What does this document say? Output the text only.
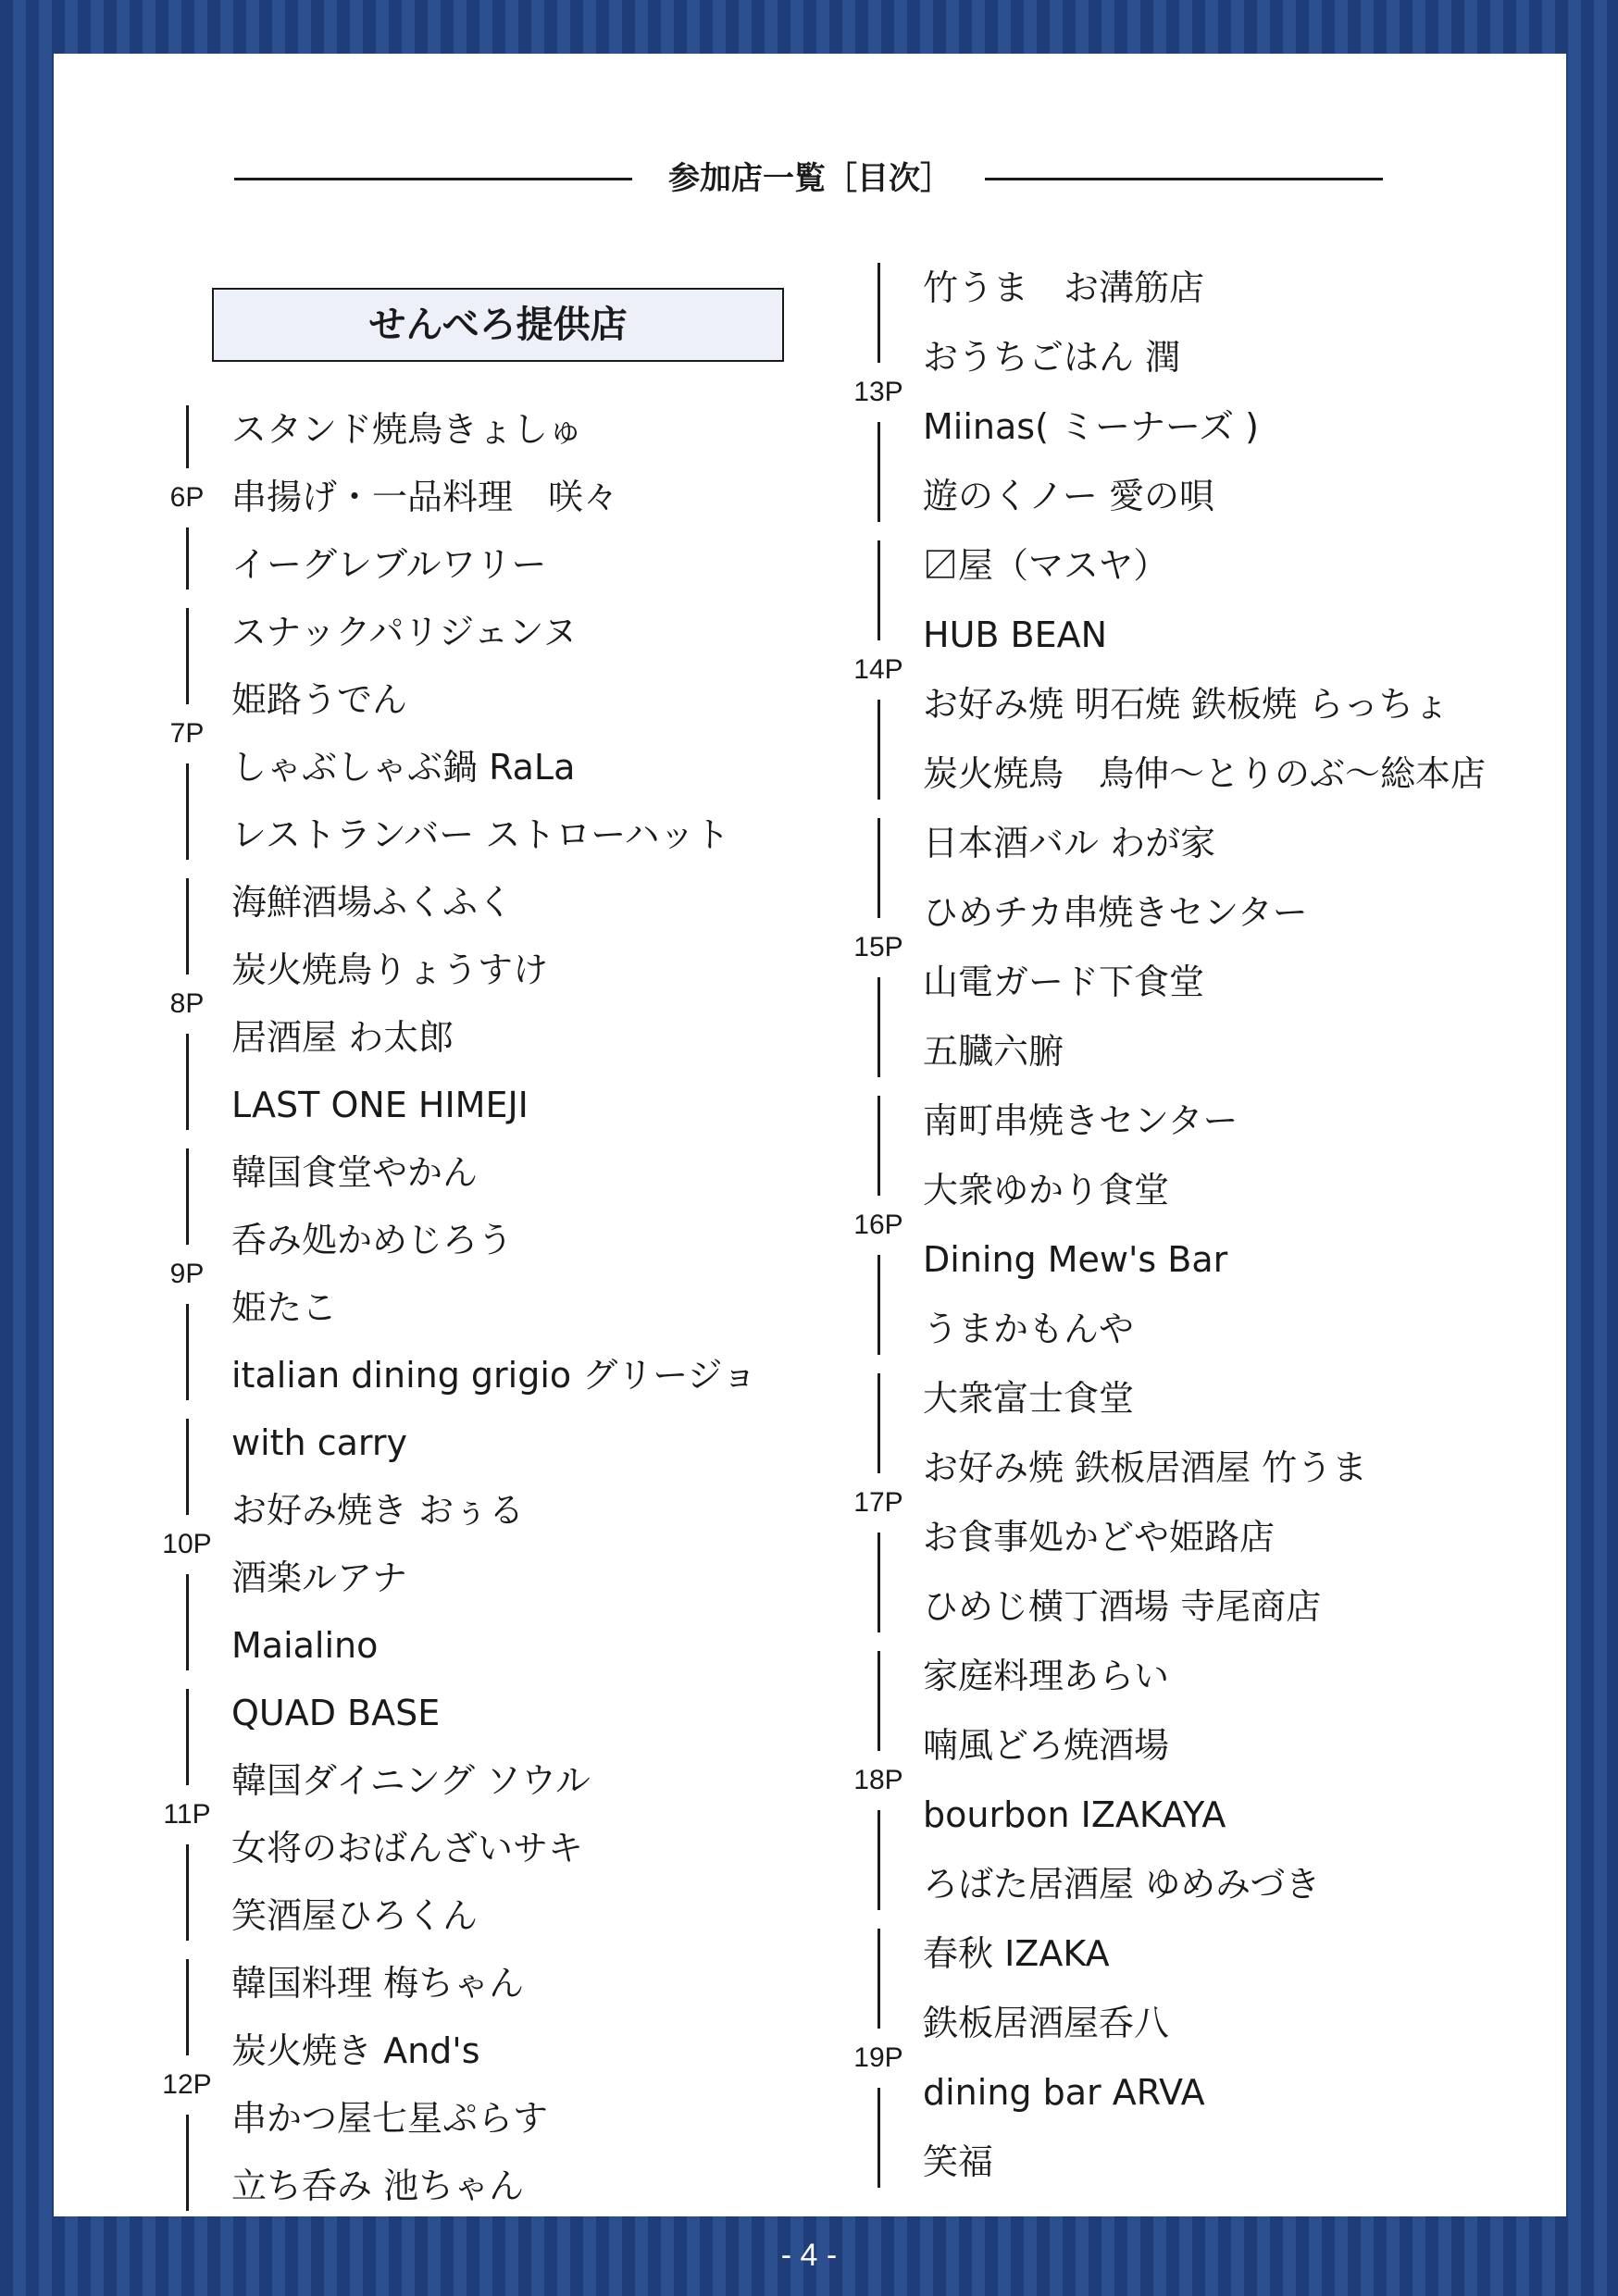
参加店一覧［目次］
せんべろ提供店
6P
スタンド焼鳥きょしゅ
串揚げ・一品料理　咲々
イーグレブルワリー
7P
スナックパリジェンヌ
姫路うでん
しゃぶしゃぶ鍋 RaLa
レストランバー ストローハット
8P
海鮮酒場ふくふく
炭火焼鳥りょうすけ
居酒屋 わ太郎
LAST ONE HIMEJI
9P
韓国食堂やかん
呑み処かめじろう
姫たこ
italian dining grigio グリージョ
10P
with carry
お好み焼き おぅる
酒楽ルアナ
Maialino
11P
QUAD BASE
韓国ダイニング ソウル
女将のおばんざいサキ
笑酒屋ひろくん
12P
韓国料理 梅ちゃん
炭火焼き And's
串かつ屋七星ぷらす
立ち呑み 池ちゃん
13P
竹うま　お溝筋店
おうちごはん 潤
Miinas( ミーナーズ )
遊のくノー 愛の唄
14P
〼屋（マスヤ）
HUB BEAN
お好み焼 明石焼 鉄板焼 らっちょ
炭火焼鳥　鳥伸〜とりのぶ〜総本店
15P
日本酒バル わが家
ひめチカ串焼きセンター
山電ガード下食堂
五臓六腑
16P
南町串焼きセンター
大衆ゆかり食堂
Dining Mew's Bar
うまかもんや
17P
大衆富士食堂
お好み焼 鉄板居酒屋 竹うま
お食事処かどや姫路店
ひめじ横丁酒場 寺尾商店
18P
家庭料理あらい
喃風どろ焼酒場
bourbon IZAKAYA
ろばた居酒屋 ゆめみづき
19P
春秋 IZAKA
鉄板居酒屋呑八
dining bar ARVA
笑福
- 4 -
